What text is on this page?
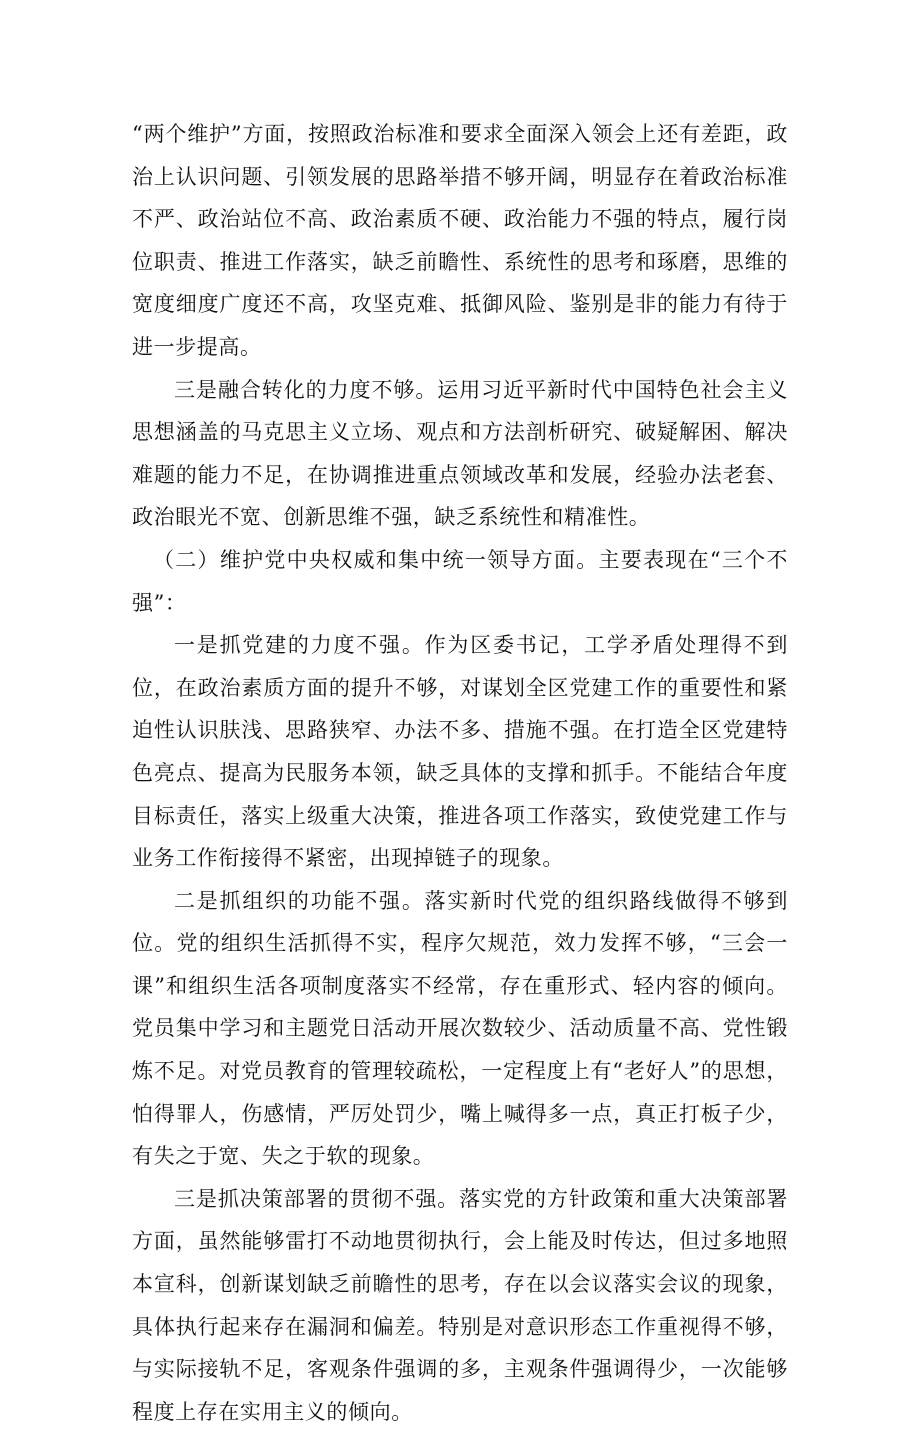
“两个维护”方面，按照政治标准和要求全面深入领会上还有差距，政治上认识问题、引领发展的思路举措不够开阔，明显存在着政治标准不严、政治站位不高、政治素质不硬、政治能力不强的特点，履行岗位职责、推进工作落实，缺乏前瞻性、系统性的思考和琢磨，思维的宽度细度广度还不高，攻坚克难、抵御风险、鉴别是非的能力有待于进一步提高。

三是融合转化的力度不够。运用习近平新时代中国特色社会主义思想涵盖的马克思主义立场、观点和方法剖析研究、破疑解困、解决难题的能力不足，在协调推进重点领域改革和发展，经验办法老套、政治眼光不宽、创新思维不强，缺乏系统性和精准性。

（二）维护党中央权威和集中统一领导方面。主要表现在“三个不强”：

一是抓党建的力度不强。作为区委书记，工学矛盾处理得不到位，在政治素质方面的提升不够，对谋划全区党建工作的重要性和紧迫性认识肤浅、思路狭窄、办法不多、措施不强。在打造全区党建特色亮点、提高为民服务本领，缺乏具体的支撑和抓手。不能结合年度目标责任，落实上级重大决策，推进各项工作落实，致使党建工作与业务工作衔接得不紧密，出现掉链子的现象。

二是抓组织的功能不强。落实新时代党的组织路线做得不够到位。党的组织生活抓得不实，程序欠规范，效力发挥不够，“三会一课”和组织生活各项制度落实不经常，存在重形式、轻内容的倾向。党员集中学习和主题党日活动开展次数较少、活动质量不高、党性锻炼不足。对党员教育的管理较疏松，一定程度上有“老好人”的思想，怕得罪人，伤感情，严厉处罚少，嘴上喊得多一点，真正打板子少，有失之于宽、失之于软的现象。

三是抓决策部署的贯彻不强。落实党的方针政策和重大决策部署方面，虽然能够雷打不动地贯彻执行，会上能及时传达，但过多地照本宣科，创新谋划缺乏前瞻性的思考，存在以会议落实会议的现象，具体执行起来存在漏洞和偏差。特别是对意识形态工作重视得不够，与实际接轨不足，客观条件强调的多，主观条件强调得少，一次能够程度上存在实用主义的倾向。
